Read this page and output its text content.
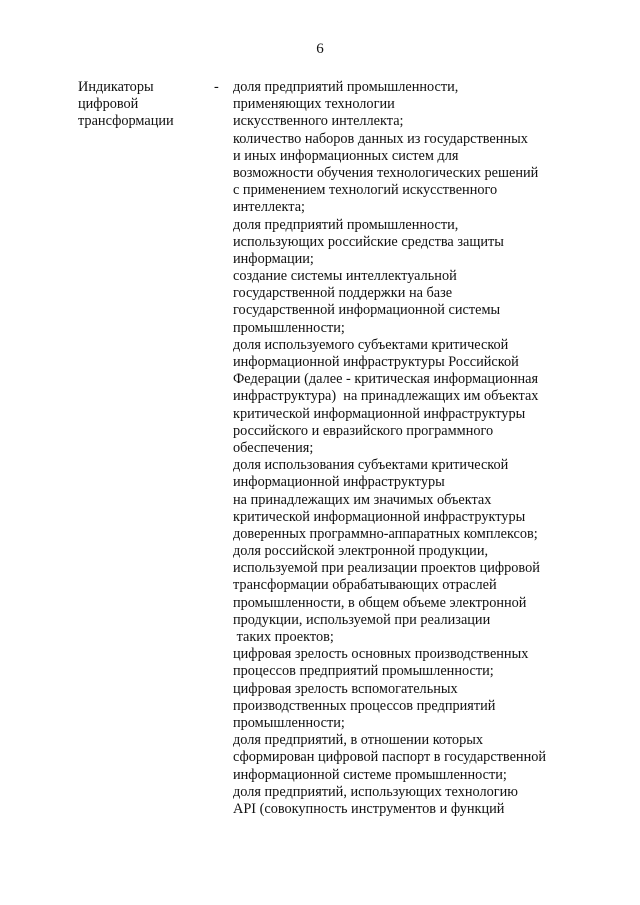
6
Индикаторы
цифровой
трансформации
- доля предприятий промышленности,
применяющих технологии
искусственного интеллекта;
количество наборов данных из государственных
и иных информационных систем для
возможности обучения технологических решений
с применением технологий искусственного
интеллекта;
доля предприятий промышленности,
использующих российские средства защиты
информации;
создание системы интеллектуальной
государственной поддержки на базе
государственной информационной системы
промышленности;
доля используемого субъектами критической
информационной инфраструктуры Российской
Федерации (далее - критическая информационная
инфраструктура)  на принадлежащих им объектах
критической информационной инфраструктуры
российского и евразийского программного
обеспечения;
доля использования субъектами критической
информационной инфраструктуры
на принадлежащих им значимых объектах
критической информационной инфраструктуры
доверенных программно-аппаратных комплексов;
доля российской электронной продукции,
используемой при реализации проектов цифровой
трансформации обрабатывающих отраслей
промышленности, в общем объеме электронной
продукции, используемой при реализации
таких проектов;
цифровая зрелость основных производственных
процессов предприятий промышленности;
цифровая зрелость вспомогательных
производственных процессов предприятий
промышленности;
доля предприятий, в отношении которых
сформирован цифровой паспорт в государственной
информационной системе промышленности;
доля предприятий, использующих технологию
API (совокупность инструментов и функций
